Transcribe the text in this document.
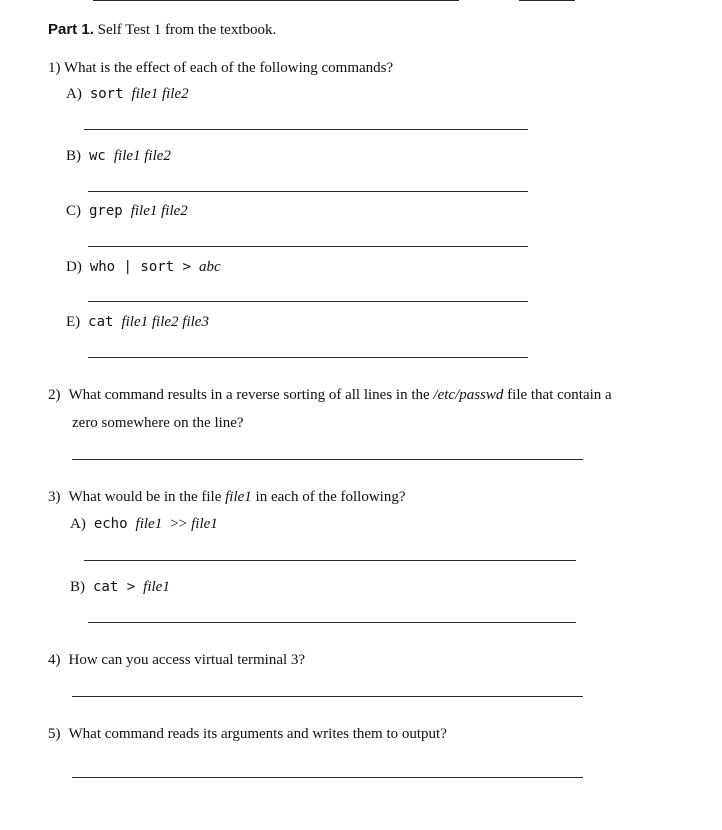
Part 1. Self Test 1 from the textbook.
1) What is the effect of each of the following commands?
A) sort file1 file2
B) wc file1 file2
C) grep file1 file2
D) who | sort > abc
E) cat file1 file2 file3
2) What command results in a reverse sorting of all lines in the /etc/passwd file that contain a
zero somewhere on the line?
3) What would be in the file file1 in each of the following?
A) echo file1 >> file1
B) cat > file1
4) How can you access virtual terminal 3?
5) What command reads its arguments and writes them to output?
